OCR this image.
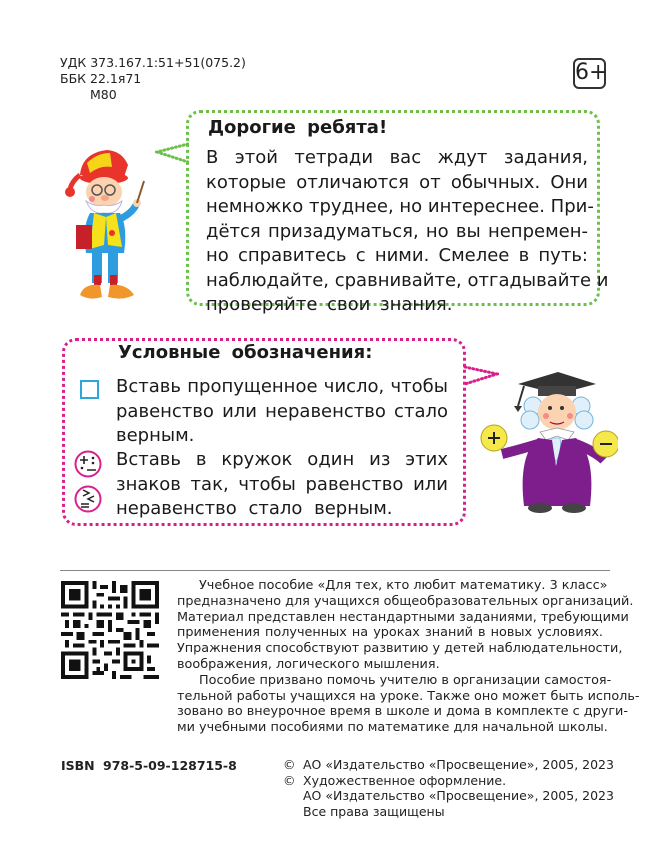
УДК 373.167.1:51+51(075.2)
ББК 22.1я71
М80
6+
Дорогие ребята!
В этой тетради вас ждут задания,
которые отличаются от обычных. Они
немножко труднее, но интереснее. При-
дётся призадуматься, но вы непремен-
но справитесь с ними. Смелее в путь:
наблюдайте, сравнивайте, отгадывайте и
проверяйте свои знания.
Условные обозначения:
Вставь пропущенное число, чтобы
равенство или неравенство стало
верным.
Вставь в кружок один из этих
знаков так, чтобы равенство или
неравенство стало верным.
Учебное пособие «Для тех, кто любит математику. 3 класс»
предназначено для учащихся общеобразовательных организаций.
Материал представлен нестандартными заданиями, требующими
применения полученных на уроках знаний в новых условиях.
Упражнения способствуют развитию у детей наблюдательности,
воображения, логического мышления.
Пособие призвано помочь учителю в организации самостоя-
тельной работы учащихся на уроке. Также оно может быть исполь-
зовано во внеурочное время в школе и дома в комплекте с други-
ми учебными пособиями по математике для начальной школы.
ISBN 978-5-09-128715-8	© АО «Издательство «Просвещение», 2005, 2023
© Художественное оформление.
АО «Издательство «Просвещение», 2005, 2023
Все права защищены
